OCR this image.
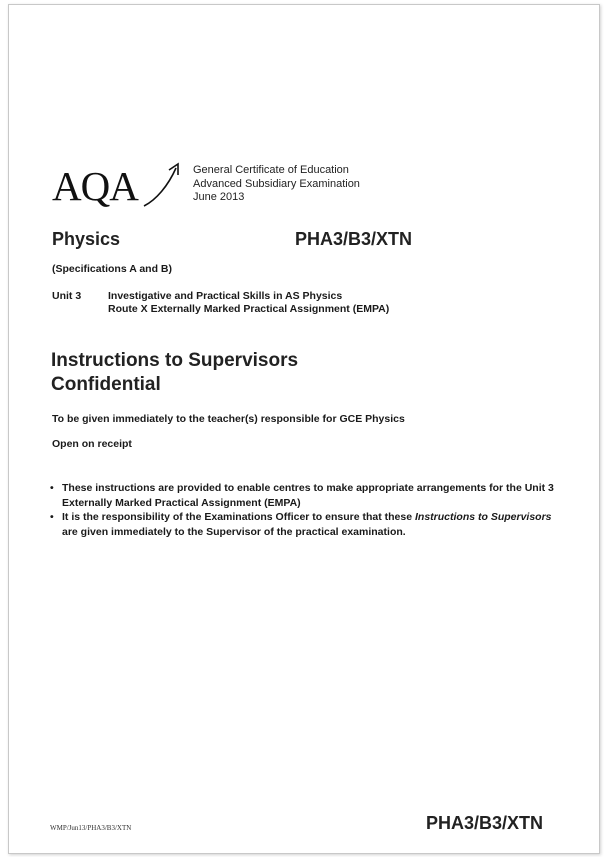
AQA	General Certificate of Education
Advanced Subsidiary Examination
June 2013
Physics	PHA3/B3/XTN
(Specifications A and B)
Unit 3	Investigative and Practical Skills in AS Physics
Route X Externally Marked Practical Assignment (EMPA)
Instructions to Supervisors
Confidential
To be given immediately to the teacher(s) responsible for GCE Physics
Open on receipt
• These instructions are provided to enable centres to make appropriate arrangements for the Unit 3 Externally Marked Practical Assignment (EMPA)
• It is the responsibility of the Examinations Officer to ensure that these Instructions to Supervisors are given immediately to the Supervisor of the practical examination.
WMP/Jun13/PHA3/B3/XTN	PHA3/B3/XTN
